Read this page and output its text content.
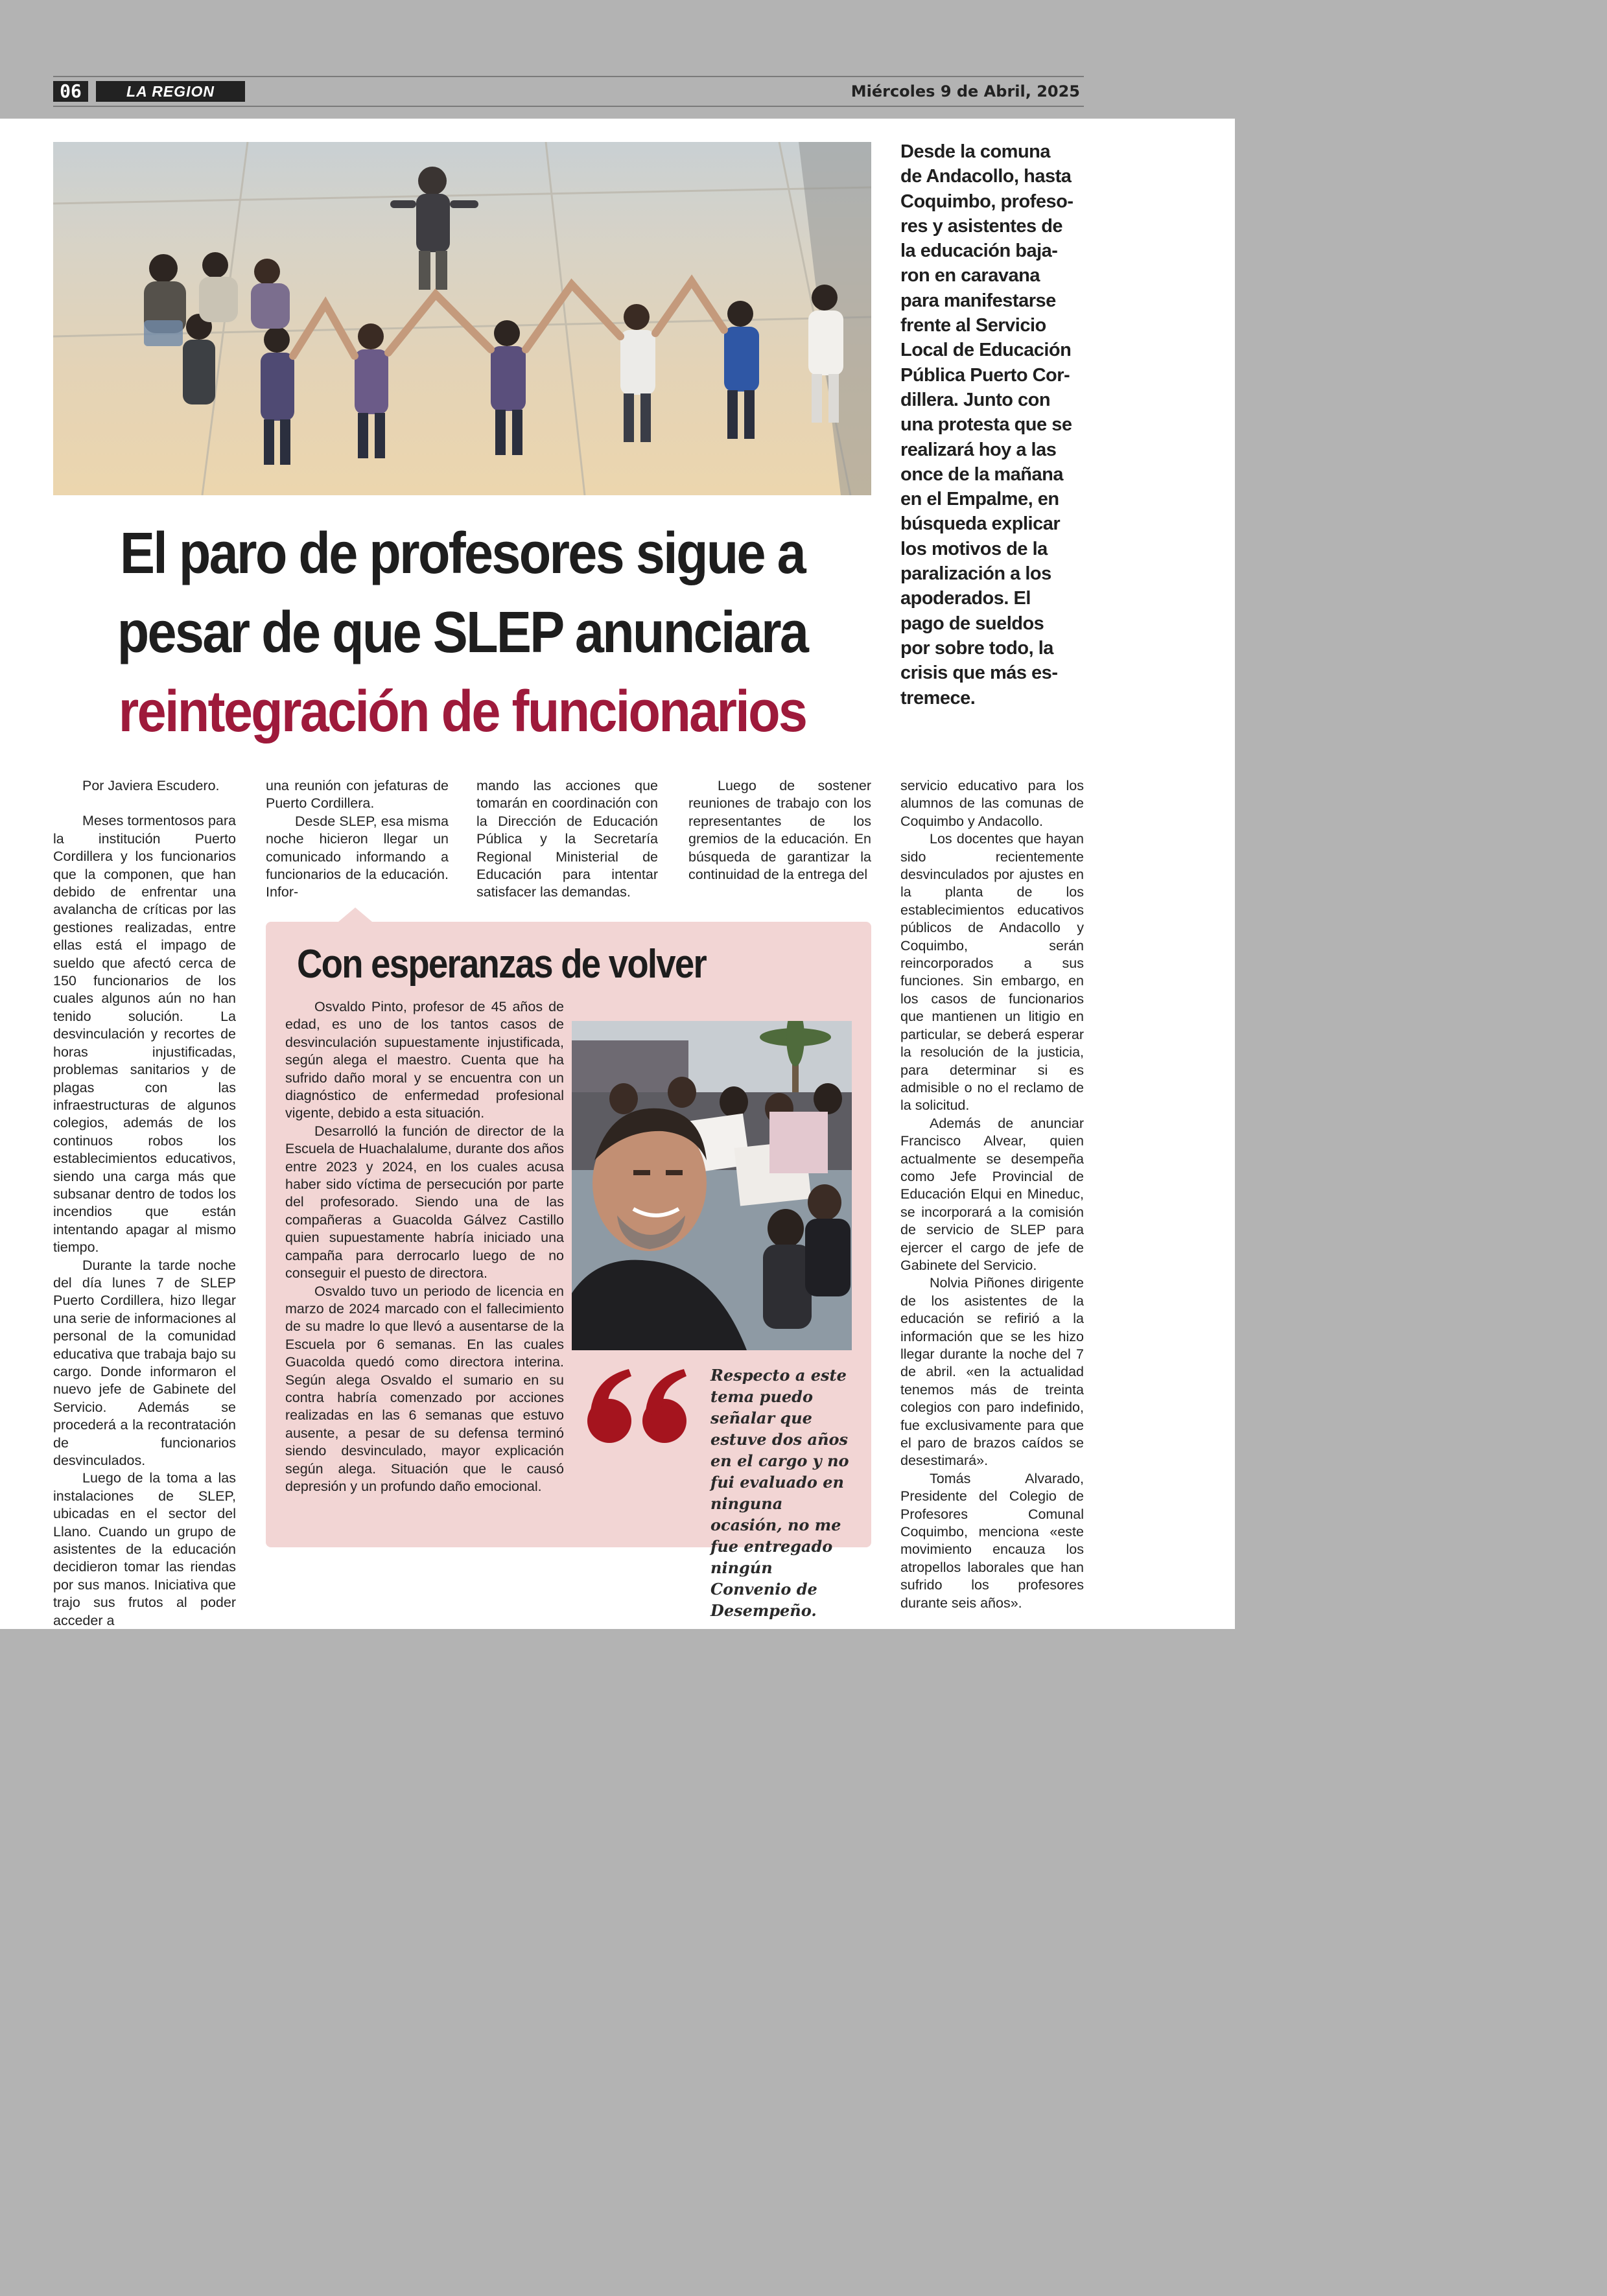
06	LA REGION	Miércoles 9 de Abril, 2025
Desde la comuna de Andacollo, hasta Coquimbo, profeso-res y asistentes de la educación baja-ron en caravana para manifestarse frente al Servicio Local de Educación Pública Puerto Cor-dillera. Junto con una protesta que se realizará hoy a las once de la mañana en el Empalme, en búsqueda explicar los motivos de la paralización a los apoderados. El pago de sueldos por sobre todo, la crisis que más es-tremece.
El paro de profesores sigue a
pesar de que SLEP anunciara
reintegración de funcionarios

Por Javiera Escudero.

Meses tormentosos para la institución Puerto Cordillera y los funcionarios que la componen, que han debido de enfrentar una avalancha de críticas por las gestiones realizadas, entre ellas está el impago de sueldo que afectó cerca de 150 funcionarios de los cuales algunos aún no han tenido solución. La desvinculación y recortes de horas injustificadas, problemas sanitarios y de plagas con las infraestructuras de algunos colegios, además de los continuos robos los establecimientos educativos, siendo una carga más que subsanar dentro de todos los incendios que están intentando apagar al mismo tiempo.

Durante la tarde noche del día lunes 7 de SLEP Puerto Cordillera, hizo llegar una serie de informaciones al personal de la comunidad educativa que trabaja bajo su cargo. Donde informaron el nuevo jefe de Gabinete del Servicio. Además se procederá a la recontratación de funcionarios desvinculados.

Luego de la toma a las instalaciones de SLEP, ubicadas en el sector del Llano. Cuando un grupo de asistentes de la educación decidieron tomar las riendas por sus manos. Iniciativa que trajo sus frutos al poder acceder a

una reunión con jefaturas de Puerto Cordillera.

Desde SLEP, esa misma noche hicieron llegar un comunicado informando a funcionarios de la educación. Infor-

mando las acciones que tomarán en coordinación con la Dirección de Educación Pública y la Secretaría Regional Ministerial de Educación para intentar satisfacer las demandas.

Luego de sostener reuniones de trabajo con los representantes de los gremios de la educación. En búsqueda de garantizar la continuidad de la entrega del

servicio educativo para los alumnos de las comunas de Coquimbo y Andacollo.

Los docentes que hayan sido recientemente desvinculados por ajustes en la planta de los establecimientos educativos públicos de Andacollo y Coquimbo, serán reincorporados a sus funciones. Sin embargo, en los casos de funcionarios que mantienen un litigio en particular, se deberá esperar la resolución de la justicia, para determinar si es admisible o no el reclamo de la solicitud.

Además de anunciar Francisco Alvear, quien actualmente se desempeña como Jefe Provincial de Educación Elqui en Mineduc, se incorporará a la comisión de servicio de SLEP para ejercer el cargo de jefe de Gabinete del Servicio.

Nolvia Piñones dirigente de los asistentes de la educación se refirió a la información que se les hizo llegar durante la noche del 7 de abril. «en la actualidad tenemos más de treinta colegios con paro indefinido, fue exclusivamente para que el paro de brazos caídos se desestimará».

Tomás Alvarado, Presidente del Colegio de Profesores Comunal Coquimbo, menciona «este movimiento encauza los atropellos laborales que han sufrido los profesores durante seis años».

Con esperanzas de volver

Osvaldo Pinto, profesor de 45 años de edad, es uno de los tantos casos de desvinculación supuestamente injustificada, según alega el maestro. Cuenta que ha sufrido daño moral y se encuentra con un diagnóstico de enfermedad profesional vigente, debido a esta situación.

Desarrolló la función de director de la Escuela de Huachalalume, durante dos años entre 2023 y 2024, en los cuales acusa haber sido víctima de persecución por parte del profesorado. Siendo una de las compañeras a Guacolda Gálvez Castillo quien supuestamente habría iniciado una campaña para derrocarlo luego de no conseguir el puesto de directora.

Osvaldo tuvo un periodo de licencia en marzo de 2024 marcado con el fallecimiento de su madre lo que llevó a ausentarse de la Escuela por 6 semanas. En las cuales Guacolda quedó como directora interina. Según alega Osvaldo el sumario en su contra habría comenzado por acciones realizadas en las 6 semanas que estuvo ausente, a pesar de su defensa terminó siendo desvinculado, mayor explicación según alega. Situación que le causó depresión y un profundo daño emocional.

Respecto a este tema puedo señalar que estuve dos años en el cargo y no fui evaluado en ninguna ocasión, no me fue entregado ningún Convenio de Desempeño.
